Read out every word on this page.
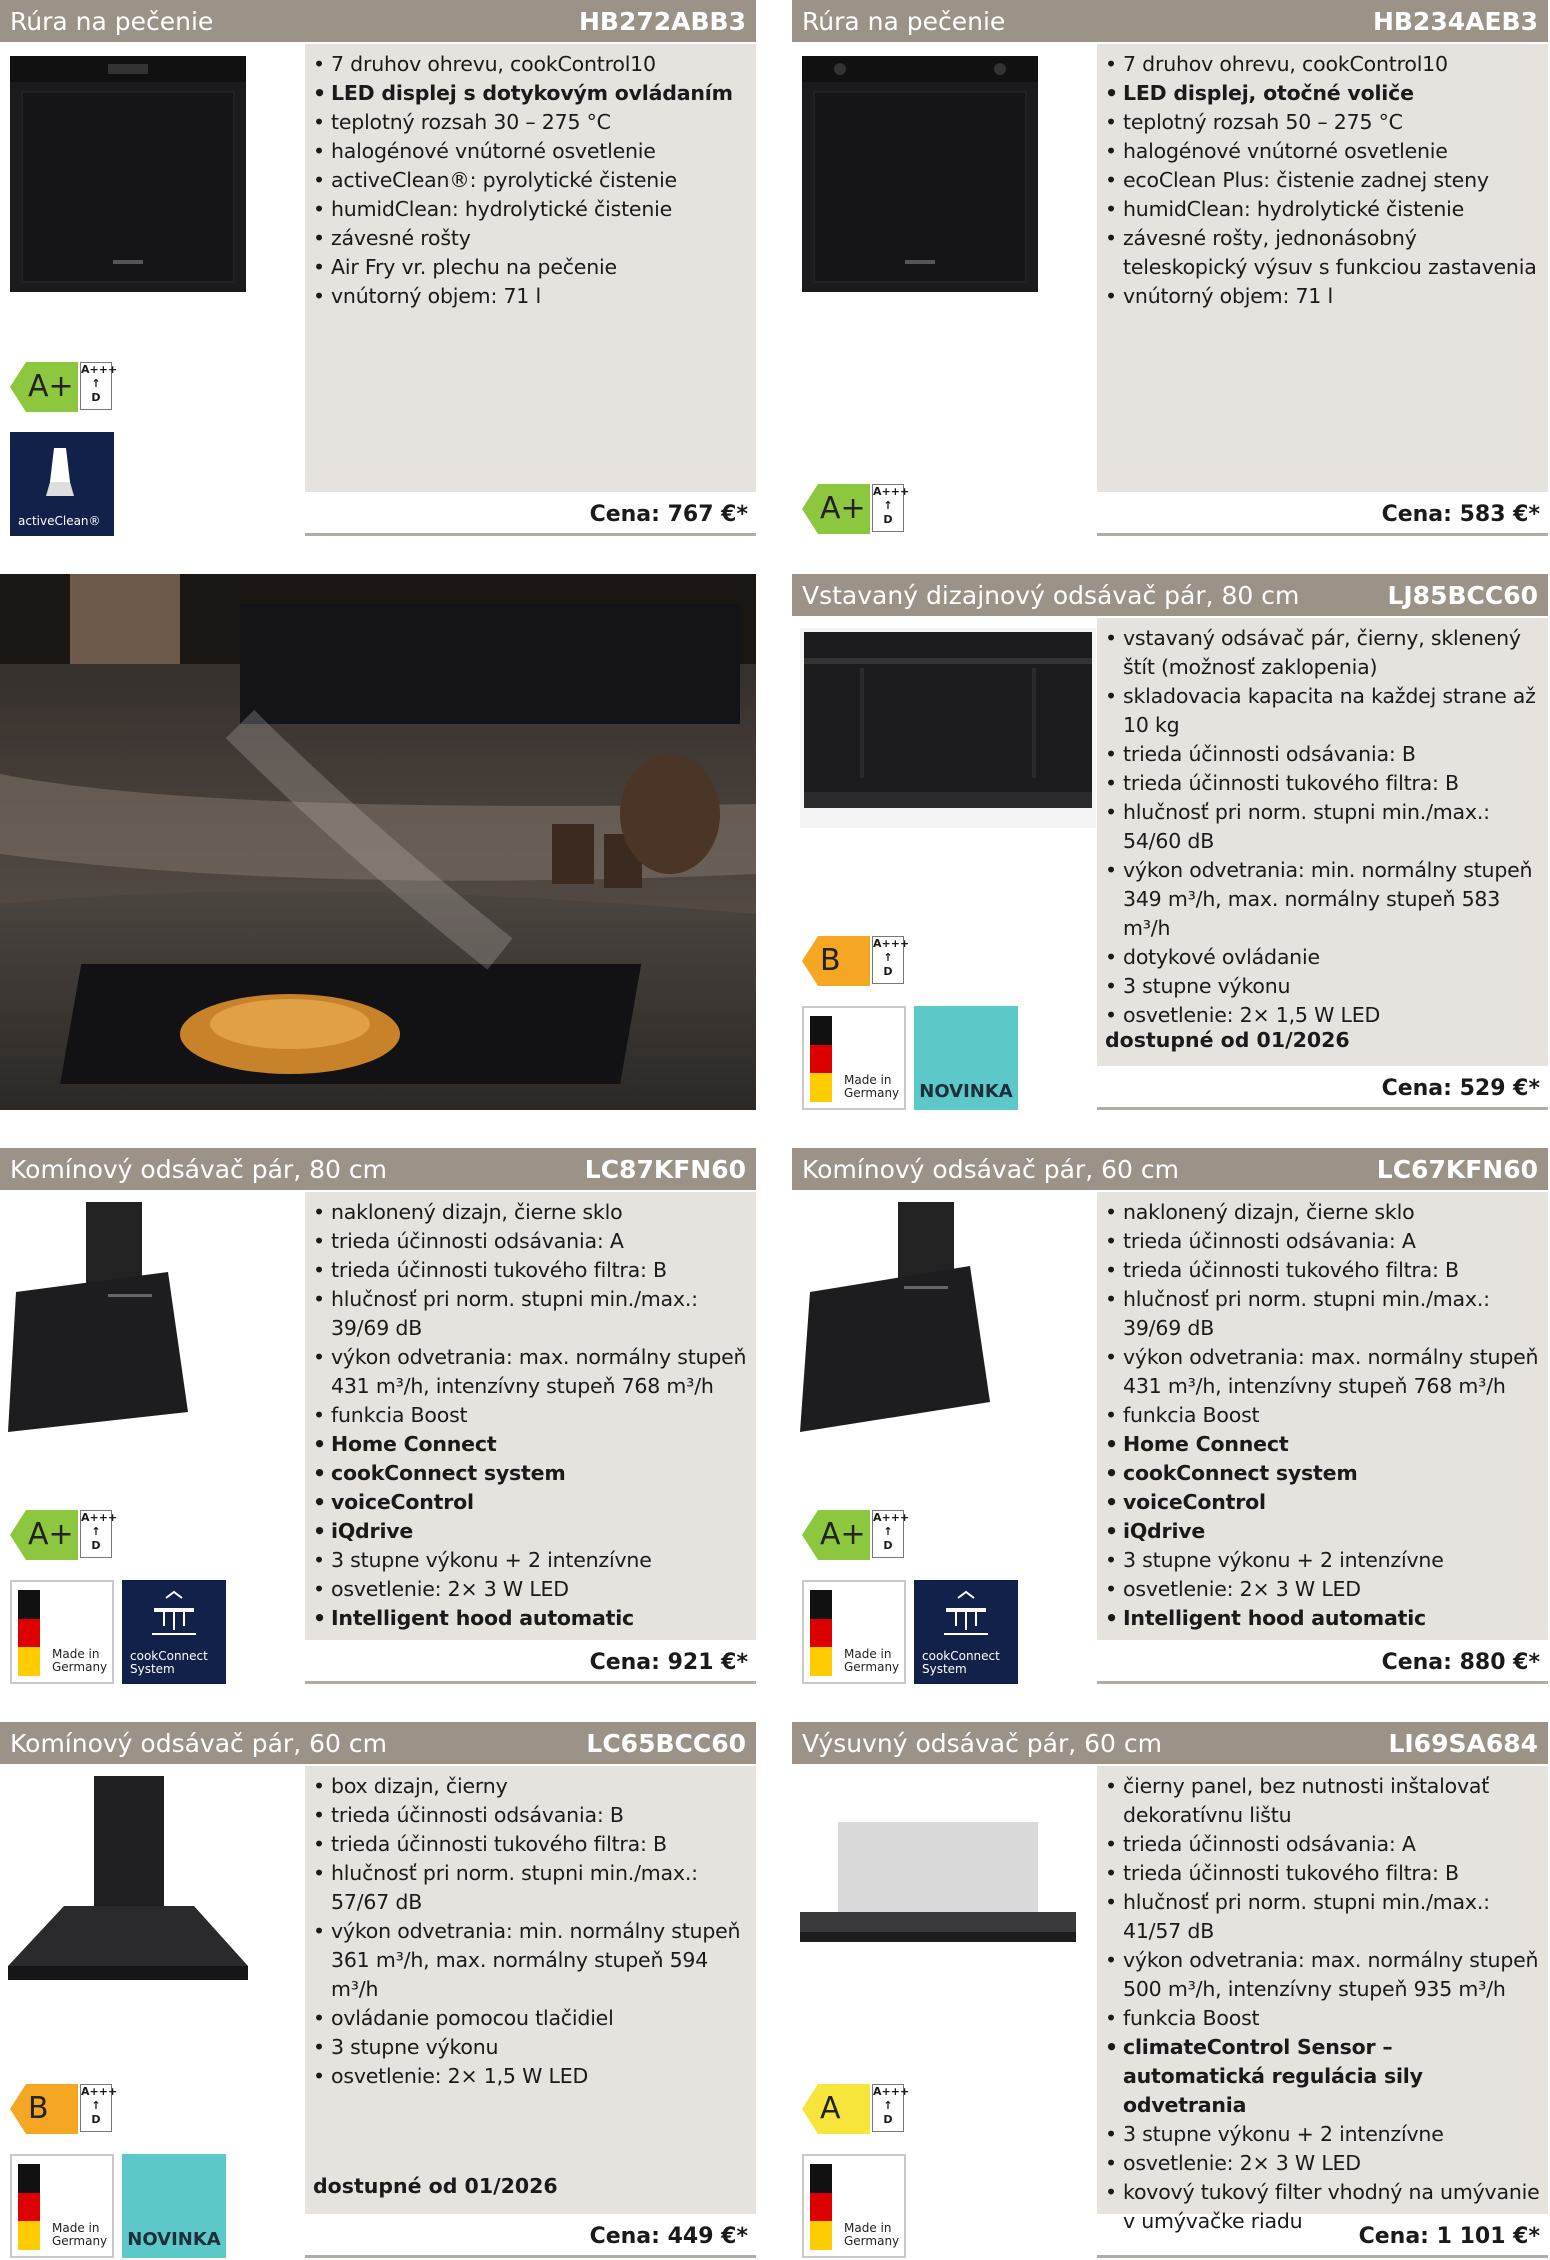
Rúra na pečenie	HB272ABB3
A+ A+++
↑
D
activeClean®
• 7 druhov ohrevu, cookControl10
• LED displej s dotykovým ovládaním
• teplotný rozsah 30 – 275 °C
• halogénové vnútorné osvetlenie
• activeClean®: pyrolytické čistenie
• humidClean: hydrolytické čistenie
• závesné rošty
• Air Fry vr. plechu na pečenie
• vnútorný objem: 71 l
Cena: 767 €*
Rúra na pečenie	HB234AEB3
A+ A+++
↑
D
• 7 druhov ohrevu, cookControl10
• LED displej, otočné voliče
• teplotný rozsah 50 – 275 °C
• halogénové vnútorné osvetlenie
• ecoClean Plus: čistenie zadnej steny
• humidClean: hydrolytické čistenie
• závesné rošty, jednonásobný teleskopický výsuv s funkciou zastavenia
• vnútorný objem: 71 l
Cena: 583 €*
Vstavaný dizajnový odsávač pár, 80 cm	LJ85BCC60
B	A+++
↑
D
Made in Germany NOVINKA
• vstavaný odsávač pár, čierny, sklenený štít (možnosť zaklopenia)
• skladovacia kapacita na každej strane až 10 kg
• trieda účinnosti odsávania: B
• trieda účinnosti tukového filtra: B
• hlučnosť pri norm. stupni min./max.: 54/60 dB
• výkon odvetrania: min. normálny stupeň 349 m³/h, max. normálny stupeň 583 m³/h
• dotykové ovládanie
• 3 stupne výkonu
• osvetlenie: 2× 1,5 W LED
dostupné od 01/2026
Cena: 529 €*
Komínový odsávač pár, 80 cm	LC87KFN60
A+ A+++
↑
D
Made in Germany
cookConnect System
• naklonený dizajn, čierne sklo
• trieda účinnosti odsávania: A
• trieda účinnosti tukového filtra: B
• hlučnosť pri norm. stupni min./max.: 39/69 dB
• výkon odvetrania: max. normálny stupeň 431 m³/h, intenzívny stupeň 768 m³/h
• funkcia Boost
• Home Connect
• cookConnect system
• voiceControl
• iQdrive
• 3 stupne výkonu + 2 intenzívne
• osvetlenie: 2× 3 W LED
• Intelligent hood automatic
Cena: 921 €*
Komínový odsávač pár, 60 cm	LC67KFN60
A+ A+++
↑
D
Made in Germany
cookConnect System
• naklonený dizajn, čierne sklo
• trieda účinnosti odsávania: A
• trieda účinnosti tukového filtra: B
• hlučnosť pri norm. stupni min./max.: 39/69 dB
• výkon odvetrania: max. normálny stupeň 431 m³/h, intenzívny stupeň 768 m³/h
• funkcia Boost
• Home Connect
• cookConnect system
• voiceControl
• iQdrive
• 3 stupne výkonu + 2 intenzívne
• osvetlenie: 2× 3 W LED
• Intelligent hood automatic
Cena: 880 €*
Komínový odsávač pár, 60 cm	LC65BCC60
B	A+++
↑
D
Made in Germany NOVINKA
• box dizajn, čierny
• trieda účinnosti odsávania: B
• trieda účinnosti tukového filtra: B
• hlučnosť pri norm. stupni min./max.: 57/67 dB
• výkon odvetrania: min. normálny stupeň 361 m³/h, max. normálny stupeň 594 m³/h
• ovládanie pomocou tlačidiel
• 3 stupne výkonu
• osvetlenie: 2× 1,5 W LED
dostupné od 01/2026
Cena: 449 €*
Výsuvný odsávač pár, 60 cm	LI69SA684
A	A+++
↑
D
Made in Germany
• čierny panel, bez nutnosti inštalovať dekoratívnu lištu
• trieda účinnosti odsávania: A
• trieda účinnosti tukového filtra: B
• hlučnosť pri norm. stupni min./max.: 41/57 dB
• výkon odvetrania: max. normálny stupeň 500 m³/h, intenzívny stupeň 935 m³/h
• funkcia Boost
• climateControl Sensor – automatická regulácia sily odvetrania
• 3 stupne výkonu + 2 intenzívne
• osvetlenie: 2× 3 W LED
• kovový tukový filter vhodný na umývanie v umývačke riadu
Cena: 1 101 €*
